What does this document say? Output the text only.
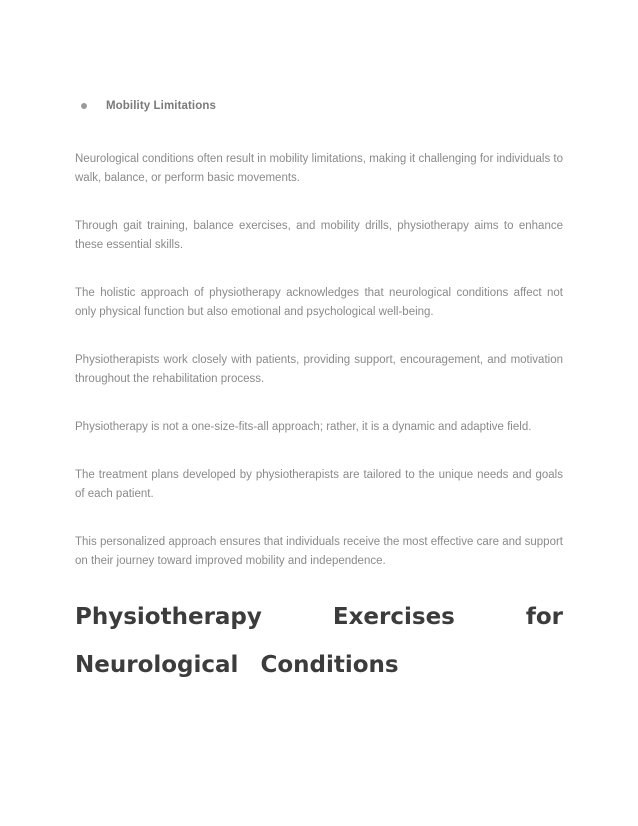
Mobility Limitations

Neurological conditions often result in mobility limitations, making it challenging for individuals to walk, balance, or perform basic movements.

Through gait training, balance exercises, and mobility drills, physiotherapy aims to enhance these essential skills.

The holistic approach of physiotherapy acknowledges that neurological conditions affect not only physical function but also emotional and psychological well-being.

Physiotherapists work closely with patients, providing support, encouragement, and motivation throughout the rehabilitation process.

Physiotherapy is not a one-size-fits-all approach; rather, it is a dynamic and adaptive field.

The treatment plans developed by physiotherapists are tailored to the unique needs and goals of each patient.

This personalized approach ensures that individuals receive the most effective care and support on their journey toward improved mobility and independence.

Physiotherapy Exercises for Neurological Conditions
